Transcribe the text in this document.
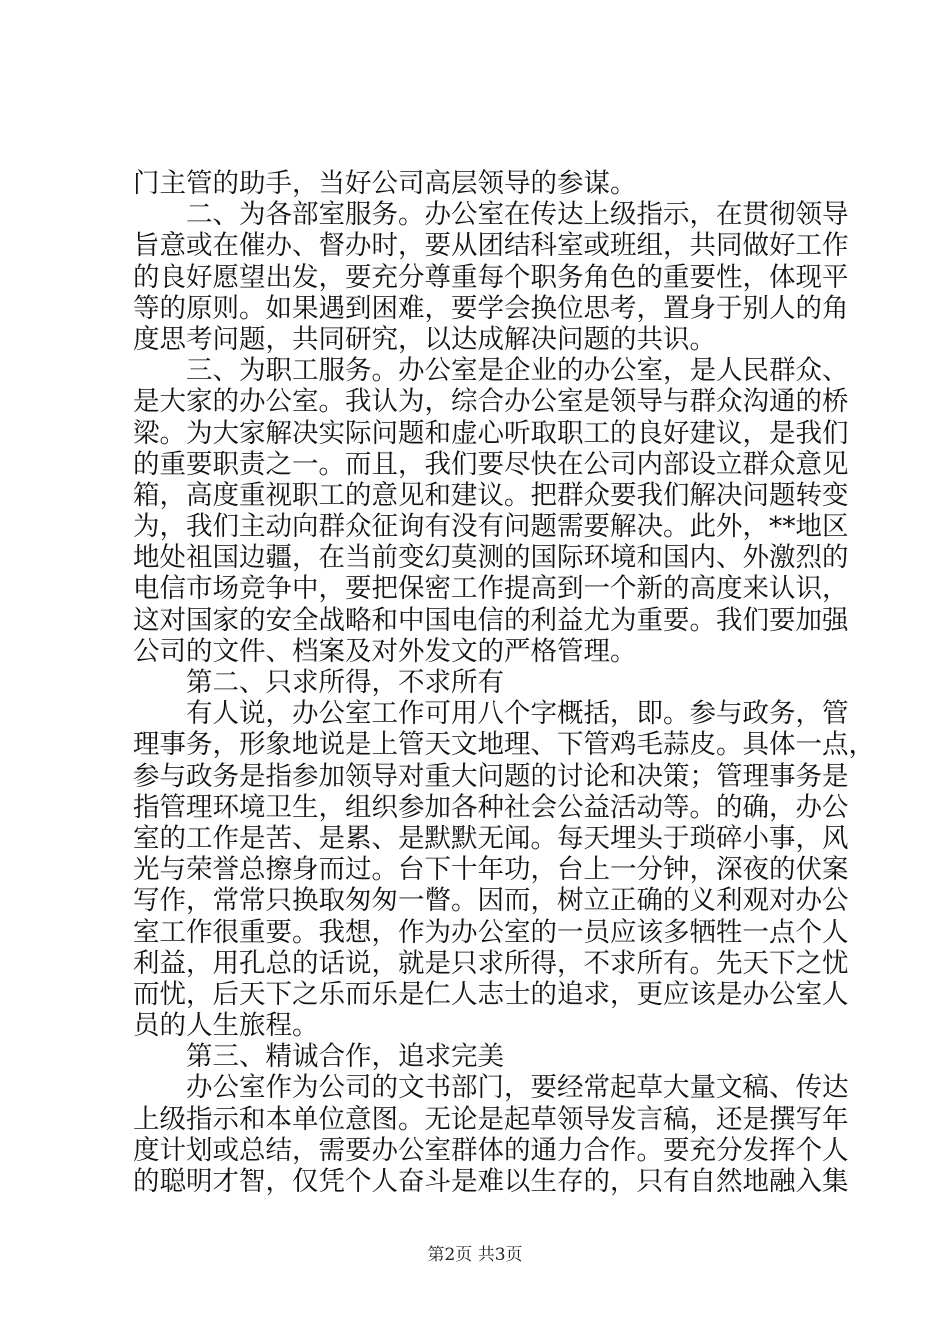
门主管的助手，当好公司高层领导的参谋。
二、为各部室服务。办公室在传达上级指示，在贯彻领导
旨意或在催办、督办时，要从团结科室或班组，共同做好工作
的良好愿望出发，要充分尊重每个职务角色的重要性，体现平
等的原则。如果遇到困难，要学会换位思考，置身于别人的角
度思考问题，共同研究，以达成解决问题的共识。
三、为职工服务。办公室是企业的办公室，是人民群众、
是大家的办公室。我认为，综合办公室是领导与群众沟通的桥
梁。为大家解决实际问题和虚心听取职工的良好建议，是我们
的重要职责之一。而且，我们要尽快在公司内部设立群众意见
箱，高度重视职工的意见和建议。把群众要我们解决问题转变
为，我们主动向群众征询有没有问题需要解决。此外，**地区
地处祖国边疆，在当前变幻莫测的国际环境和国内、外激烈的
电信市场竞争中，要把保密工作提高到一个新的高度来认识，
这对国家的安全战略和中国电信的利益尤为重要。我们要加强
公司的文件、档案及对外发文的严格管理。
第二、只求所得，不求所有
有人说，办公室工作可用八个字概括，即。参与政务，管
理事务，形象地说是上管天文地理、下管鸡毛蒜皮。具体一点，
参与政务是指参加领导对重大问题的讨论和决策；管理事务是
指管理环境卫生，组织参加各种社会公益活动等。的确，办公
室的工作是苦、是累、是默默无闻。每天埋头于琐碎小事，风
光与荣誉总擦身而过。台下十年功，台上一分钟，深夜的伏案
写作，常常只换取匆匆一瞥。因而，树立正确的义利观对办公
室工作很重要。我想，作为办公室的一员应该多牺牲一点个人
利益，用孔总的话说，就是只求所得，不求所有。先天下之忧
而忧，后天下之乐而乐是仁人志士的追求，更应该是办公室人
员的人生旅程。
第三、精诚合作，追求完美
办公室作为公司的文书部门，要经常起草大量文稿、传达
上级指示和本单位意图。无论是起草领导发言稿，还是撰写年
度计划或总结，需要办公室群体的通力合作。要充分发挥个人
的聪明才智，仅凭个人奋斗是难以生存的，只有自然地融入集
第2页 共3页
